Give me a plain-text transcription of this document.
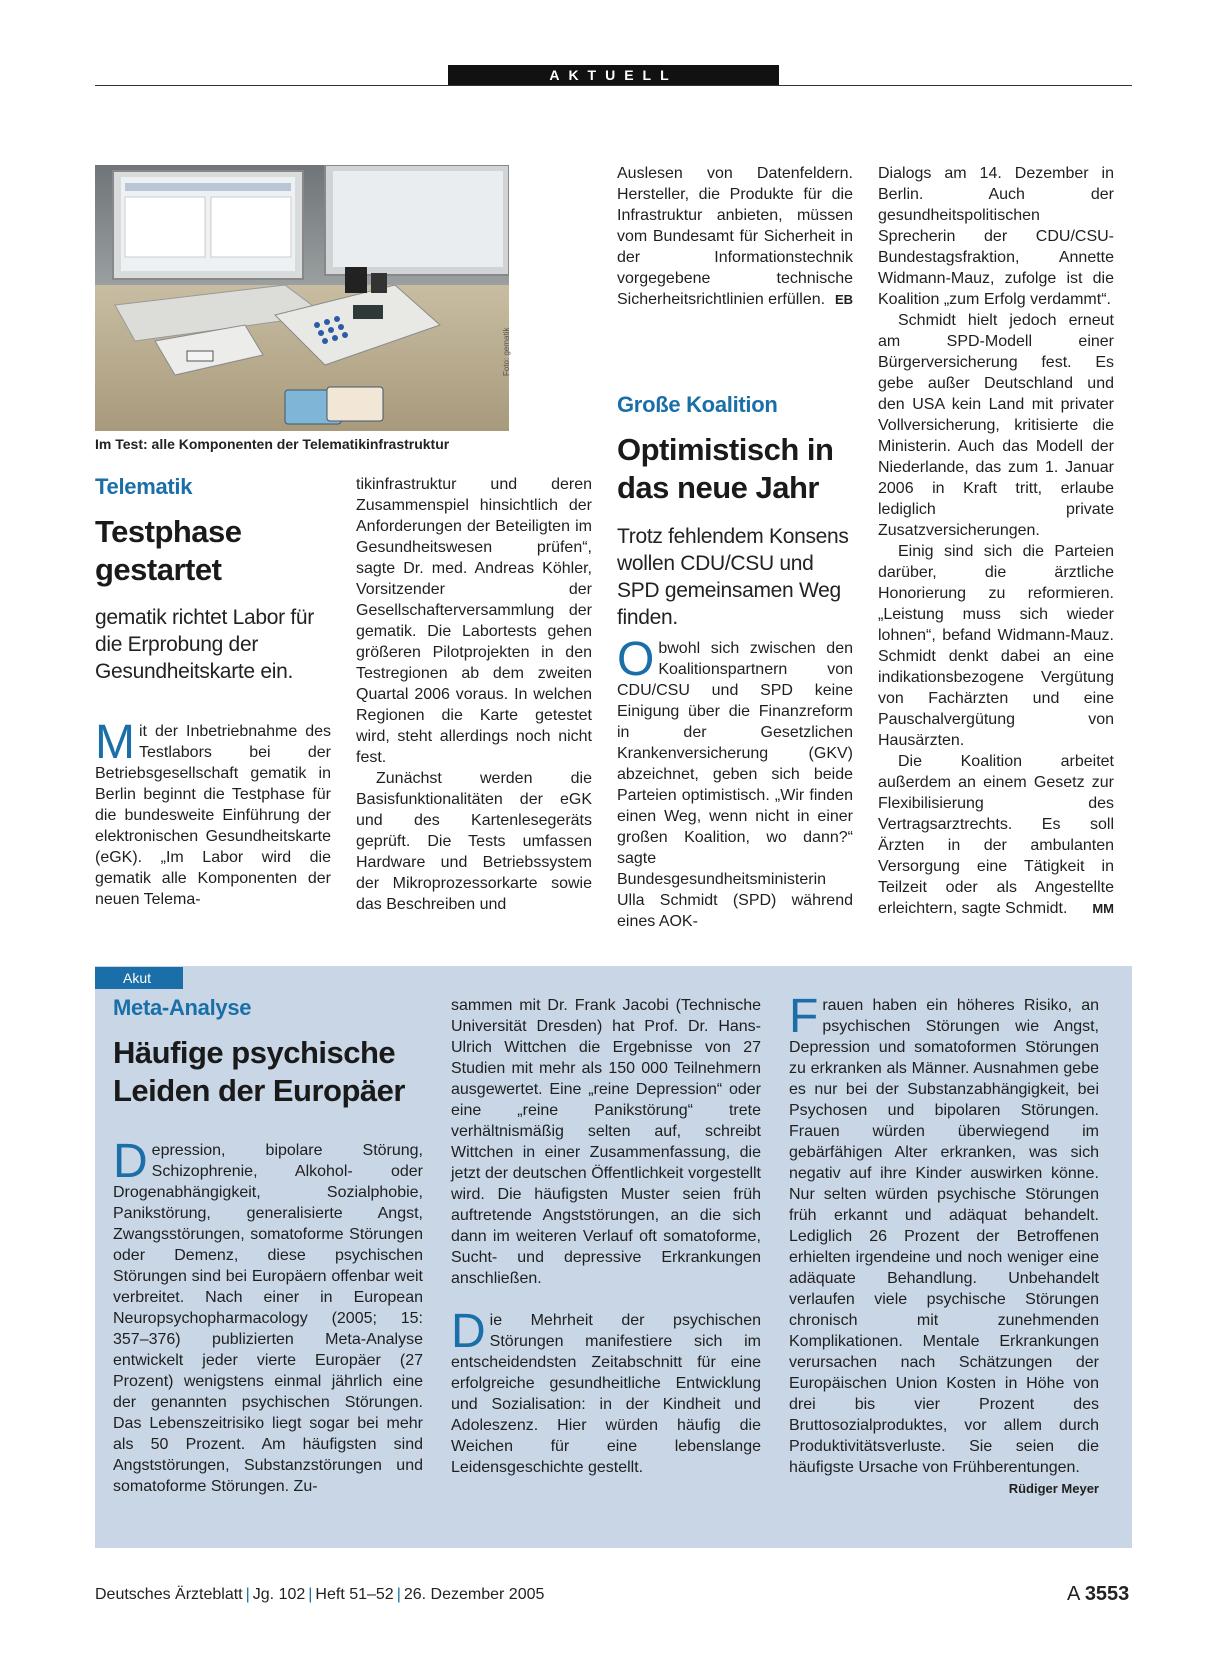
AKTUELL
Foto: gematik
Im Test: alle Komponenten der Telematikinfrastruktur
Telematik
Testphase
gestartet
gematik richtet Labor für die Erprobung der Gesundheitskarte ein.

Mit der Inbetriebnahme des Testlabors bei der Betriebsgesellschaft gematik in Berlin beginnt die Testphase für die bundesweite Einführung der elektronischen Gesundheitskarte (eGK). „Im Labor wird die gematik alle Komponenten der neuen Telema-

tikinfrastruktur und deren Zusammenspiel hinsichtlich der Anforderungen der Beteiligten im Gesundheitswesen prüfen“, sagte Dr. med. Andreas Köhler, Vorsitzender der Gesellschafterversammlung der gematik. Die Labortests gehen größeren Pilotprojekten in den Testregionen ab dem zweiten Quartal 2006 voraus. In welchen Regionen die Karte getestet wird, steht allerdings noch nicht fest.

Zunächst werden die Basisfunktionalitäten der eGK und des Kartenlesegeräts geprüft. Die Tests umfassen Hardware und Betriebssystem der Mikroprozessorkarte sowie das Beschreiben und

Auslesen von Datenfeldern. Hersteller, die Produkte für die Infrastruktur anbieten, müssen vom Bundesamt für Sicherheit in der Informationstechnik vorgegebene technische Sicherheitsrichtlinien erfüllen. EB

Große Koalition
Optimistisch in
das neue Jahr
Trotz fehlendem Konsens wollen CDU/CSU und SPD gemeinsamen Weg finden.

Obwohl sich zwischen den Koalitionspartnern von CDU/CSU und SPD keine Einigung über die Finanzreform in der Gesetzlichen Krankenversicherung (GKV) abzeichnet, geben sich beide Parteien optimistisch. „Wir finden einen Weg, wenn nicht in einer großen Koalition, wo dann?“ sagte Bundesgesundheitsministerin Ulla Schmidt (SPD) während eines AOK-

Dialogs am 14. Dezember in Berlin. Auch der gesundheitspolitischen Sprecherin der CDU/CSU-Bundestagsfraktion, Annette Widmann-Mauz, zufolge ist die Koalition „zum Erfolg verdammt“.

Schmidt hielt jedoch erneut am SPD-Modell einer Bürgerversicherung fest. Es gebe außer Deutschland und den USA kein Land mit privater Vollversicherung, kritisierte die Ministerin. Auch das Modell der Niederlande, das zum 1. Januar 2006 in Kraft tritt, erlaube lediglich private Zusatzversicherungen.

Einig sind sich die Parteien darüber, die ärztliche Honorierung zu reformieren. „Leistung muss sich wieder lohnen“, befand Widmann-Mauz. Schmidt denkt dabei an eine indikationsbezogene Vergütung von Fachärzten und eine Pauschalvergütung von Hausärzten.

Die Koalition arbeitet außerdem an einem Gesetz zur Flexibilisierung des Vertragsarztrechts. Es soll Ärzten in der ambulanten Versorgung eine Tätigkeit in Teilzeit oder als Angestellte erleichtern, sagte Schmidt.	MM

Akut
Meta-Analyse
Häufige psychische
Leiden der Europäer

Depression, bipolare Störung, Schizophrenie, Alkohol- oder Drogenabhängigkeit, Sozialphobie, Panikstörung, generalisierte Angst, Zwangsstörungen, somatoforme Störungen oder Demenz, diese psychischen Störungen sind bei Europäern offenbar weit verbreitet. Nach einer in European Neuropsychopharmacology (2005; 15: 357–376) publizierten Meta-Analyse entwickelt jeder vierte Europäer (27 Prozent) wenigstens einmal jährlich eine der genannten psychischen Störungen. Das Lebenszeitrisiko liegt sogar bei mehr als 50 Prozent. Am häufigsten sind Angststörungen, Substanzstörungen und somatoforme Störungen. Zu-

sammen mit Dr. Frank Jacobi (Technische Universität Dresden) hat Prof. Dr. Hans-Ulrich Wittchen die Ergebnisse von 27 Studien mit mehr als 150 000 Teilnehmern ausgewertet. Eine „reine Depression“ oder eine „reine Panikstörung“ trete verhältnismäßig selten auf, schreibt Wittchen in einer Zusammenfassung, die jetzt der deutschen Öffentlichkeit vorgestellt wird. Die häufigsten Muster seien früh auftretende Angststörungen, an die sich dann im weiteren Verlauf oft somatoforme, Sucht- und depressive Erkrankungen anschließen.

Die Mehrheit der psychischen Störungen manifestiere sich im entscheidendsten Zeitabschnitt für eine erfolgreiche gesundheitliche Entwicklung und Sozialisation: in der Kindheit und Adoleszenz. Hier würden häufig die Weichen für eine lebenslange Leidensgeschichte gestellt.

Frauen haben ein höheres Risiko, an psychischen Störungen wie Angst, Depression und somatoformen Störungen zu erkranken als Männer. Ausnahmen gebe es nur bei der Substanzabhängigkeit, bei Psychosen und bipolaren Störungen. Frauen würden überwiegend im gebärfähigen Alter erkranken, was sich negativ auf ihre Kinder auswirken könne. Nur selten würden psychische Störungen früh erkannt und adäquat behandelt. Lediglich 26 Prozent der Betroffenen erhielten irgendeine und noch weniger eine adäquate Behandlung. Unbehandelt verlaufen viele psychische Störungen chronisch mit zunehmenden Komplikationen. Mentale Erkrankungen verursachen nach Schätzungen der Europäischen Union Kosten in Höhe von drei bis vier Prozent des Bruttosozialproduktes, vor allem durch Produktivitätsverluste. Sie seien die häufigste Ursache von Frühberentungen.
Rüdiger Meyer

Deutsches Ärzteblatt | Jg. 102 | Heft 51–52 | 26. Dezember 2005	A 3553
